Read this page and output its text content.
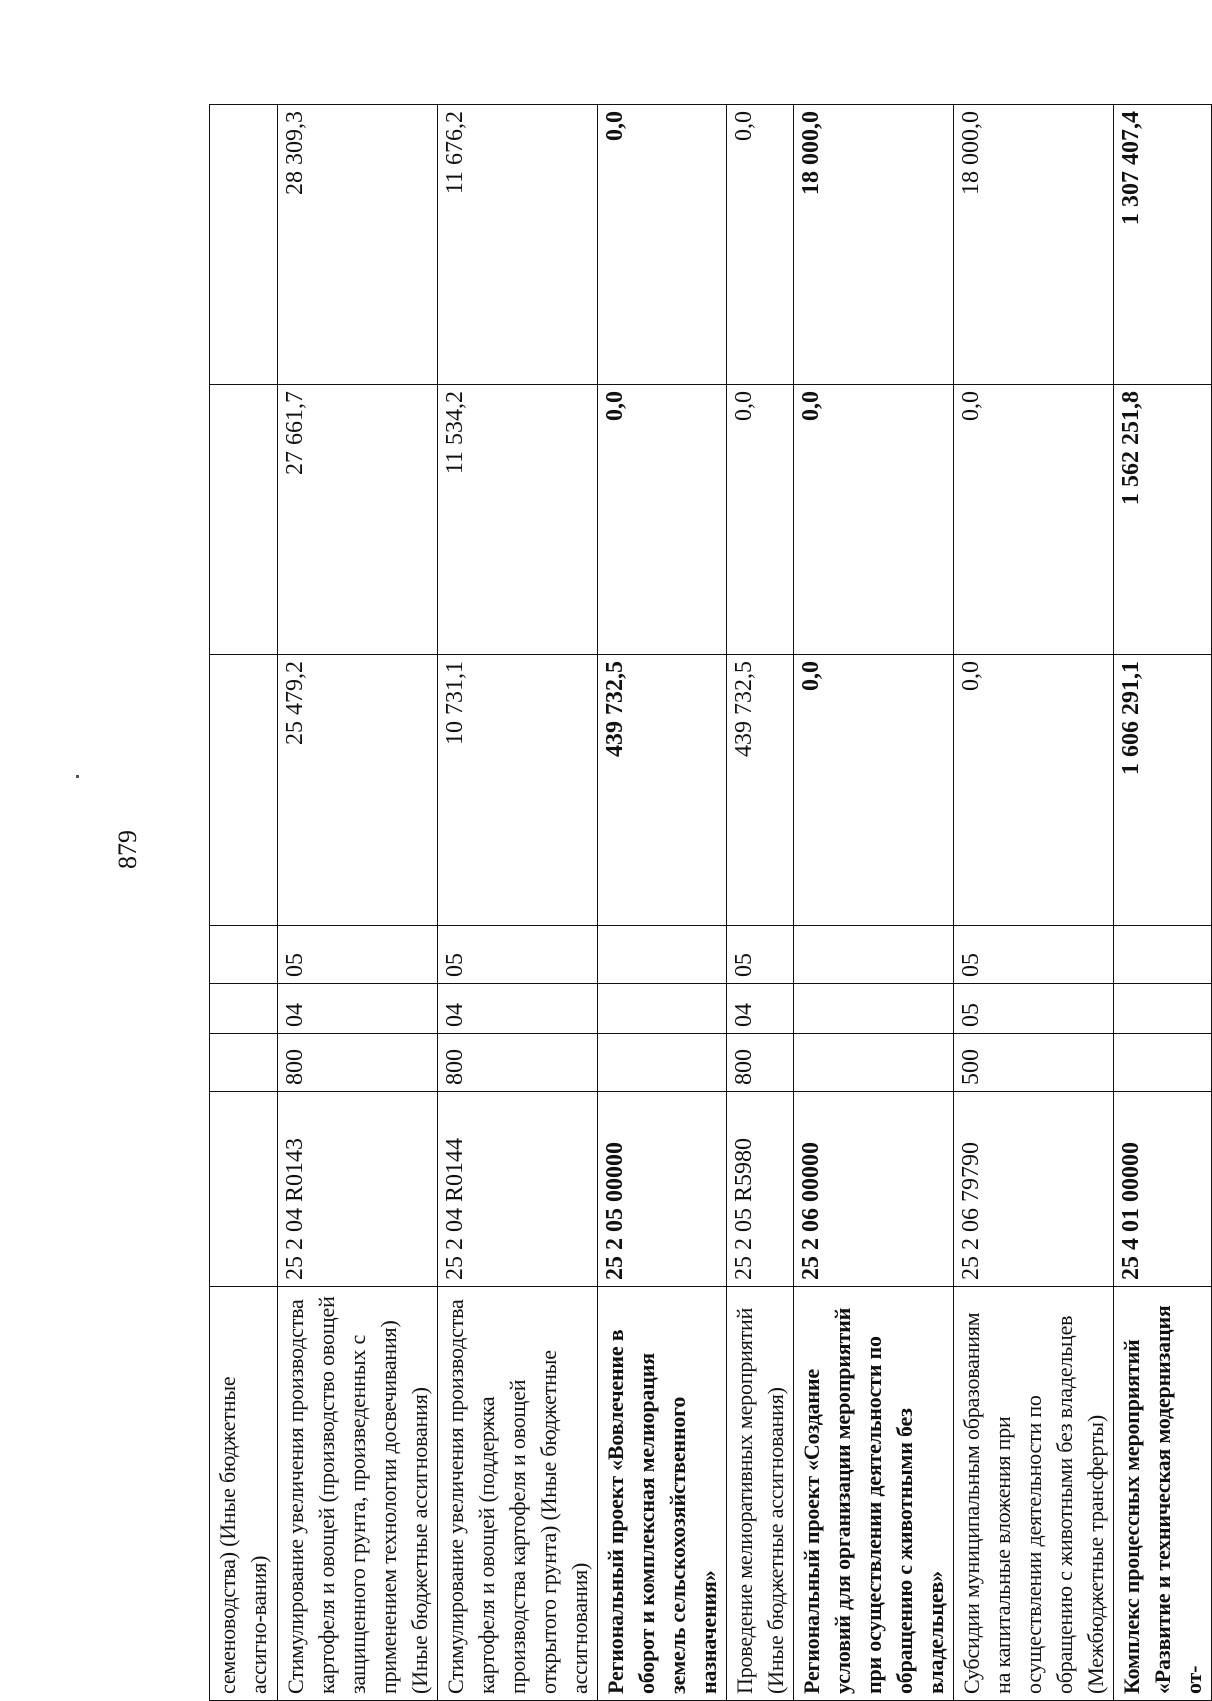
879
семеноводства) (Иные бюджетные ассигно-вания)							
Стимулирование увеличения производства картофеля и овощей (производство овощей защищенного грунта, произведенных с применением технологии досвечивания) (Иные бюджетные ассигнования)	25 2 04 R0143	800	04	05	25 479,2	27 661,7	28 309,3
Стимулирование увеличения производства картофеля и овощей (поддержка производства картофеля и овощей открытого грунта) (Иные бюджетные ассигнования)	25 2 04 R0144	800	04	05	10 731,1	11 534,2	11 676,2
Региональный проект «Вовлечение в оборот и комплексная мелиорация земель сельскохозяйственного назначения»	25 2 05 00000				439 732,5	0,0	0,0
Проведение мелиоративных мероприятий (Иные бюджетные ассигнования)	25 2 05 R5980	800	04	05	439 732,5	0,0	0,0
Региональный проект «Создание условий для организации мероприятий при осуществлении деятельности по обращению с животными без владельцев»	25 2 06 00000				0,0	0,0	18 000,0
Субсидии муниципальным образованиям на капитальные вложения при осуществлении деятельности по обращению с животными без владельцев (Межбюджетные трансферты)	25 2 06 79790	500	05	05	0,0	0,0	18 000,0
Комплекс процессных мероприятий «Развитие и техническая модернизация от-	25 4 01 00000				1 606 291,1	1 562 251,8	1 307 407,4
